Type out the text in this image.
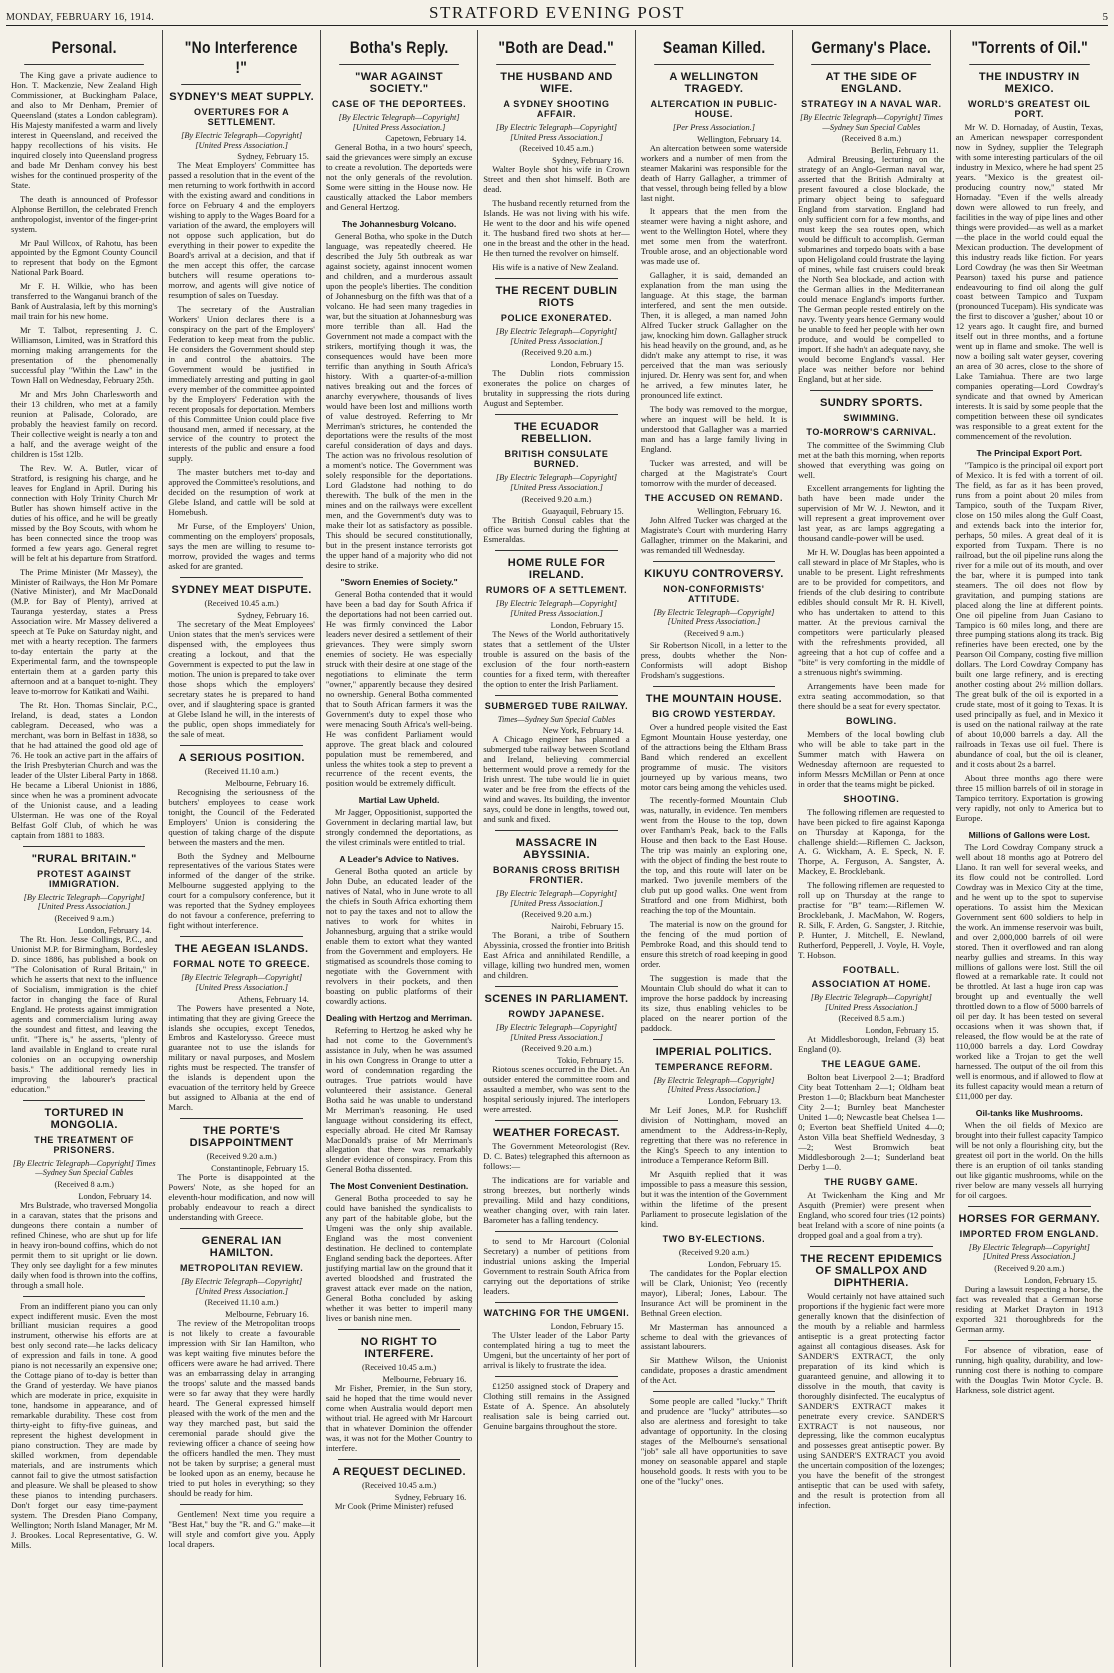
MONDAY, FEBRUARY 16, 1914.	STRATFORD EVENING POST	5
Personal.

The King gave a private audience to Hon. T. Mackenzie, New Zealand High Commissioner, at Buckingham Palace, and also to Mr Denham, Premier of Queensland (states a London cablegram). His Majesty manifested a warm and lively interest in Queensland, and received the happy recollections of his visits. He inquired closely into Queensland progress and bade Mr Denham convey his best wishes for the continued prosperity of the State.

The death is announced of Professor Alphonse Bertillon, the celebrated French anthropologist, inventor of the finger-print system.

Mr Paul Willcox, of Rahotu, has been appointed by the Egmont County Council to represent that body on the Egmont National Park Board.

Mr F. H. Wilkie, who has been transferred to the Wanganui branch of the Bank of Australasia, left by this morning's mail train for his new home.

Mr T. Talbot, representing J. C. Williamson, Limited, was in Stratford this morning making arrangements for the presentation of the phenomenally successful play "Within the Law" in the Town Hall on Wednesday, February 25th.

Mr and Mrs John Charlesworth and their 13 children, who met at a family reunion at Palisade, Colorado, are probably the heaviest family on record. Their collective weight is nearly a ton and a half, and the average weight of the children is 15st 12lb.

The Rev. W. A. Butler, vicar of Stratford, is resigning his charge, and he leaves for England in April. During his connection with Holy Trinity Church Mr Butler has shown himself active in the duties of his office, and he will be greatly missed by the Boy Scouts, with whom he has been connected since the troop was formed a few years ago. General regret will be felt at his departure from Stratford.

The Prime Minister (Mr Massey), the Minister of Railways, the Hon Mr Pomare (Native Minister), and Mr MacDonald (M.P. for Bay of Plenty), arrived at Tauranga yesterday, states a Press Association wire. Mr Massey delivered a speech at Te Puke on Saturday night, and met with a hearty reception. The farmers to-day entertain the party at the Experimental farm, and the townspeople entertain them at a garden party this afternoon and at a banquet to-night. They leave to-morrow for Katikati and Waihi.

The Rt. Hon. Thomas Sinclair, P.C., Ireland, is dead, states a London cablegram. Deceased, who was a merchant, was born in Belfast in 1838, so that he had attained the good old age of 76. He took an active part in the affairs of the Irish Presbyterian Church and was the leader of the Ulster Liberal Party in 1868. He became a Liberal Unionist in 1886, since when he was a prominent advocate of the Unionist cause, and a leading Ulsterman. He was one of the Royal Belfast Golf Club, of which he was captain from 1881 to 1883.

"RURAL BRITAIN."
PROTEST AGAINST IMMIGRATION.
[By Electric Telegraph—Copyright] [United Press Association.]
(Received 9 a.m.)
London, February 14.

The Rt. Hon. Jesse Collings, P.C., and Unionist M.P. for Birmingham, Bordesley D. since 1886, has published a book on "The Colonisation of Rural Britain," in which he asserts that next to the influence of Socialism, immigration is the chief factor in changing the face of Rural England. He protests against immigration agents and commercialism luring away the soundest and fittest, and leaving the unfit. "There is," he asserts, "plenty of land available in England to create rural colonies on an occupying ownership basis." The additional remedy lies in improving the labourer's practical education."

TORTURED IN MONGOLIA.
THE TREATMENT OF PRISONERS.
[By Electric Telegraph—Copyright] Times—Sydney Sun Special Cables
(Received 8 a.m.)
London, February 14.

Mrs Bulstrade, who traversed Mongolia in a caravan, states that the prisons and dungeons there contain a number of refined Chinese, who are shut up for life in heavy iron-bound coffins, which do not permit them to sit upright or lie down. They only see daylight for a few minutes daily when food is thrown into the coffins, through a small hole.

From an indifferent piano you can only expect indifferent music. Even the most brilliant musician requires a good instrument, otherwise his efforts are at best only second rate—he lacks delicacy of expression and fails in tone. A good piano is not necessarily an expensive one; the Cottage piano of to-day is better than the Grand of yesterday. We have pianos which are moderate in price, exquisite in tone, handsome in appearance, and of remarkable durability. These cost from thirty-eight to fifty-five guineas, and represent the highest development in piano construction. They are made by skilled workmen, from dependable materials, and are instruments which cannot fail to give the utmost satisfaction and pleasure. We shall be pleased to show these pianos to intending purchasers. Don't forget our easy time-payment system. The Dresden Piano Company, Wellington; North Island Manager, Mr M. J. Brookes. Local Representative, G. W. Mills.

"No Interference !"
SYDNEY'S MEAT SUPPLY.
OVERTURES FOR A SETTLEMENT.
[By Electric Telegraph—Copyright] [United Press Association.]
Sydney, February 15.

The Meat Employers' Committee has passed a resolution that in the event of the men returning to work forthwith in accord with the existing award and conditions in force on February 4 and the employers wishing to apply to the Wages Board for a variation of the award, the employers will not oppose such application, but do everything in their power to expedite the Board's arrival at a decision, and that if the men accept this offer, the carcase butchers will resume operations to-morrow, and agents will give notice of resumption of sales on Tuesday.

The secretary of the Australian Workers' Union declares there is a conspiracy on the part of the Employers' Federation to keep meat from the public. He considers the Government should step in and control the abattoirs. The Government would be justified in immediately arresting and putting in gaol every member of the committee appointed by the Employers' Federation with the recent proposals for deportation. Members of this Committee Union could place five thousand men, armed if necessary, at the service of the country to protect the interests of the public and ensure a food supply.

The master butchers met to-day and approved the Committee's resolutions, and decided on the resumption of work at Glebe Island, and cattle will be sold at Homebush.

Mr Furse, of the Employers' Union, commenting on the employers' proposals, says the men are willing to resume to-morrow, provided the wages and terms asked for are granted.

SYDNEY MEAT DISPUTE.
(Received 10.45 a.m.)
Sydney, February 16.

The secretary of the Meat Employees' Union states that the men's services were dispensed with, the employees thus creating a lockout, and that the Government is expected to put the law in motion. The union is prepared to take over those shops which the employers' secretary states he is prepared to hand over, and if slaughtering space is granted at Glebe Island he will, in the interests of the public, open shops immediately for the sale of meat.

A SERIOUS POSITION.
(Received 11.10 a.m.)
Melbourne, February 16.

Recognising the seriousness of the butchers' employees to cease work tonight, the Council of the Federated Employers' Union is considering the question of taking charge of the dispute between the masters and the men.

Both the Sydney and Melbourne representatives of the various States were informed of the danger of the strike. Melbourne suggested applying to the court for a compulsory conference, but it was reported that the Sydney employees do not favour a conference, preferring to fight without interference.

THE AEGEAN ISLANDS.
FORMAL NOTE TO GREECE.
[By Electric Telegraph—Copyright] [United Press Association.]
Athens, February 14.

The Powers have presented a Note, intimating that they are giving Greece the islands she occupies, except Tenedos, Embros and Kastelorysso. Greece must guarantee not to use the islands for military or naval purposes, and Moslem rights must be respected. The transfer of the islands is dependent upon the evacuation of the territory held by Greece but assigned to Albania at the end of March.

THE PORTE'S DISAPPOINTMENT
(Received 9.20 a.m.)
Constantinople, February 15.

The Porte is disappointed at the Powers' Note, as she hoped for an eleventh-hour modification, and now will probably endeavour to reach a direct understanding with Greece.

GENERAL IAN HAMILTON.
METROPOLITAN REVIEW.
[By Electric Telegraph—Copyright] [United Press Association.]
(Received 11.10 a.m.)
Melbourne, February 16.

The review of the Metropolitan troops is not likely to create a favourable impression with Sir Ian Hamilton, who was kept waiting five minutes before the officers were aware he had arrived. There was an embarrassing delay in arranging the troops' salute and the massed bands were so far away that they were hardly heard. The General expressed himself pleased with the work of the men and the way they marched past, but said the ceremonial parade should give the reviewing officer a chance of seeing how the officers handled the men. They must not be taken by surprise; a general must be looked upon as an enemy, because he tried to put holes in everything; so they should be ready for him.

Gentlemen! Next time you require a "Best Hat," buy the "R. and G." make—it will style and comfort give you. Apply local drapers.

Botha's Reply.
"WAR AGAINST SOCIETY."
CASE OF THE DEPORTEES.
[By Electric Telegraph—Copyright] [United Press Association.]
Capetown, February 14.

General Botha, in a two hours' speech, said the grievances were simply an excuse to create a revolution. The deporteds were not the only generals of the revolution. Some were sitting in the House now. He caustically attacked the Labor members and General Hertzog.

The Johannesburg Volcano.

General Botha, who spoke in the Dutch language, was repeatedly cheered. He described the July 5th outbreak as war against society, against innocent women and children, and a murderous assault upon the people's liberties. The condition of Johannesburg on the fifth was that of a volcano. He had seen many tragedies in war, but the situation at Johannesburg was more terrible than all. Had the Government not made a compact with the strikers, mortifying though it was, the consequences would have been more terrific than anything in South Africa's history. With a quarter-of-a-million natives breaking out and the forces of anarchy everywhere, thousands of lives would have been lost and millions worth of value destroyed. Referring to Mr Merriman's strictures, he contended the deportations were the results of the most careful consideration of days and days. The action was no frivolous resolution of a moment's notice. The Government was solely responsible for the deportations. Lord Gladstone had nothing to do therewith. The bulk of the men in the mines and on the railways were excellent men, and the Government's duty was to make their lot as satisfactory as possible. This should be secured constitutionally, but in the present instance terrorists got the upper hand of a majority who did not desire to strike.

"Sworn Enemies of Society."

General Botha contended that it would have been a bad day for South Africa if the deportations had not been carried out. He was firmly convinced the Labor leaders never desired a settlement of their grievances. They were simply sworn enemies of society. He was especially struck with their desire at one stage of the negotiations to eliminate the term "owner," apparently because they desired no ownership. General Botha commented that to South African farmers it was the Government's duty to expel those who were menacing South Africa's well-being. He was confident Parliament would approve. The great black and coloured population must be remembered, and unless the whites took a step to prevent a recurrence of the recent events, the position would be extremely difficult.

Martial Law Upheld.

Mr Jagger, Oppositionist, supported the Government in declaring martial law, but strongly condemned the deportations, as the vilest criminals were entitled to trial.

A Leader's Advice to Natives.

General Botha quoted an article by John Dube, an educated leader of the natives of Natal, who in June wrote to all the chiefs in South Africa exhorting them not to pay the taxes and not to allow the natives to work for whites in Johannesburg, arguing that a strike would enable them to extort what they wanted from the Government and employers. He stigmatised as scoundrels those coming to negotiate with the Government with revolvers in their pockets, and then boasting on public platforms of their cowardly actions.

Dealing with Hertzog and Merriman.

Referring to Hertzog he asked why he had not come to the Government's assistance in July, when he was assumed in his own Congress in Orange to utter a word of condemnation regarding the outrages. True patriots would have volunteered their assistance. General Botha said he was unable to understand Mr Merriman's reasoning. He used language without considering its effect, especially abroad. He cited Mr Ramsay MacDonald's praise of Mr Merriman's allegation that there was remarkably slender evidence of conspiracy. From this General Botha dissented.

The Most Convenient Destination.

General Botha proceeded to say he could have banished the syndicalists to any part of the habitable globe, but the Umgeni was the only ship available. England was the most convenient destination. He declined to contemplate England sending back the deportees. After justifying martial law on the ground that it averted bloodshed and frustrated the gravest attack ever made on the nation, General Botha concluded by asking whether it was better to imperil many lives or banish nine men.

NO RIGHT TO INTERFERE.
(Received 10.45 a.m.)
Melbourne, February 16.

Mr Fisher, Premier, in the Sun story, said he hoped that the time would never come when Australia would deport men without trial. He agreed with Mr Harcourt that in whatever Dominion the offender was, it was not for the Mother Country to interfere.

A REQUEST DECLINED.
(Received 10.45 a.m.)
Sydney, February 16.

Mr Cook (Prime Minister) refused

"Both are Dead."
THE HUSBAND AND WIFE.
A SYDNEY SHOOTING AFFAIR.
[By Electric Telegraph—Copyright] [United Press Association.]
(Received 10.45 a.m.)
Sydney, February 16.

Walter Boyle shot his wife in Crown Street and then shot himself. Both are dead.

The husband recently returned from the Islands. He was not living with his wife. He went to the door and his wife opened it. The husband fired two shots at her—one in the breast and the other in the head. He then turned the revolver on himself.

His wife is a native of New Zealand.

THE RECENT DUBLIN RIOTS
POLICE EXONERATED.
[By Electric Telegraph—Copyright] [United Press Association.]
(Received 9.20 a.m.)
London, February 15.

The Dublin riots commission exonerates the police on charges of brutality in suppressing the riots during August and September.

THE ECUADOR REBELLION.
BRITISH CONSULATE BURNED.
[By Electric Telegraph—Copyright] [United Press Association.]
(Received 9.20 a.m.)
Guayaquil, February 15.

The British Consul cables that the office was burned during the fighting at Esmeraldas.

HOME RULE FOR IRELAND.
RUMORS OF A SETTLEMENT.
[By Electric Telegraph—Copyright] [United Press Association.]
London, February 15.

The News of the World authoritatively states that a settlement of the Ulster trouble is assured on the basis of the exclusion of the four north-eastern counties for a fixed term, with thereafter the option to enter the Irish Parliament.

SUBMERGED TUBE RAILWAY.
Times—Sydney Sun Special Cables
New York, February 14.

A Chicago engineer has planned a submerged tube railway between Scotland and Ireland, believing commercial betterment would prove a remedy for the Irish unrest. The tube would lie in quiet water and be free from the effects of the wind and waves. Its building, the inventor says, could be done in lengths, towed out, and sunk and fixed.

MASSACRE IN ABYSSINIA.
BORANIS CROSS BRITISH FRONTIER.
[By Electric Telegraph—Copyright] [United Press Association.]
(Received 9.20 a.m.)
Nairobi, February 15.

The Borani, a tribe of Southern Abyssinia, crossed the frontier into British East Africa and annihilated Rendille, a village, killing two hundred men, women and children.

SCENES IN PARLIAMENT.
ROWDY JAPANESE.
[By Electric Telegraph—Copyright] [United Press Association.]
(Received 9.20 a.m.)
Tokio, February 15.

Riotous scenes occurred in the Diet. An outsider entered the committee room and assaulted a member, who was sent to the hospital seriously injured. The interlopers were arrested.

WEATHER FORECAST.

The Government Meteorologist (Rev. D. C. Bates) telegraphed this afternoon as follows:—

The indications are for variable and strong breezes, but northerly winds prevailing. Mild and hazy conditions, weather changing over, with rain later. Barometer has a falling tendency.

to send to Mr Harcourt (Colonial Secretary) a number of petitions from industrial unions asking the Imperial Government to restrain South Africa from carrying out the deportations of strike leaders.

WATCHING FOR THE UMGENI.
London, February 15.

The Ulster leader of the Labor Party contemplated hiring a tug to meet the Umgeni, but the uncertainty of her port of arrival is likely to frustrate the idea.

£1250 assigned stock of Drapery and Clothing still remains in the Assigned Estate of A. Spence. An absolutely realisation sale is being carried out. Genuine bargains throughout the store.

Seaman Killed.
A WELLINGTON TRAGEDY.
ALTERCATION IN PUBLIC-HOUSE.
[Per Press Association.]
Wellington, February 14.

An altercation between some waterside workers and a number of men from the steamer Makarini was responsible for the death of Harry Gallagher, a trimmer of that vessel, through being felled by a blow last night.

It appears that the men from the steamer were having a night ashore, and went to the Wellington Hotel, where they met some men from the waterfront. Trouble arose, and an objectionable word was made use of.

Gallagher, it is said, demanded an explanation from the man using the language. At this stage, the barman interfered, and sent the men outside. Then, it is alleged, a man named John Alfred Tucker struck Gallagher on the jaw, knocking him down. Gallagher struck his head heavily on the ground, and, as he didn't make any attempt to rise, it was perceived that the man was seriously injured. Dr. Henry was sent for, and when he arrived, a few minutes later, he pronounced life extinct.

The body was removed to the morgue, where an inquest will be held. It is understood that Gallagher was a married man and has a large family living in England.

Tucker was arrested, and will be charged at the Magistrate's Court tomorrow with the murder of deceased.

THE ACCUSED ON REMAND.
Wellington, February 16.

John Alfred Tucker was charged at the Magistrate's Court with murdering Harry Gallagher, trimmer on the Makarini, and was remanded till Wednesday.

KIKUYU CONTROVERSY.
NON-CONFORMISTS' ATTITUDE.
[By Electric Telegraph—Copyright] [United Press Association.]
(Received 9 a.m.)

Sir Robertson Nicoll, in a letter to the press, doubts whether the Non-Conformists will adopt Bishop Frodsham's suggestions.

THE MOUNTAIN HOUSE.
BIG CROWD YESTERDAY.

Over a hundred people visited the East Egmont Mountain House yesterday, one of the attractions being the Eltham Brass Band which rendered an excellent programme of music. The visitors journeyed up by various means, two motor cars being among the vehicles used.

The recently-formed Mountain Club was, naturally, in evidence. Ten members went from the House to the top, down over Fantham's Peak, back to the Falls House and then back to the East House. The trip was mainly an exploring one, with the object of finding the best route to the top, and this route will later on be marked. Two juvenile members of the club put up good walks. One went from Stratford and one from Midhirst, both reaching the top of the Mountain.

The material is now on the ground for the fencing of the mud portion of Pembroke Road, and this should tend to ensure this stretch of road keeping in good order.

The suggestion is made that the Mountain Club should do what it can to improve the horse paddock by increasing its size, thus enabling vehicles to be placed on the nearer portion of the paddock.

IMPERIAL POLITICS.
TEMPERANCE REFORM.
[By Electric Telegraph—Copyright] [United Press Association.]
London, February 13.

Mr Leif Jones, M.P. for Rushcliff division of Nottingham, moved an amendment to the Address-in-Reply, regretting that there was no reference in the King's Speech to any intention to introduce a Temperance Reform Bill.

Mr Asquith replied that it was impossible to pass a measure this session, but it was the intention of the Government within the lifetime of the present Parliament to prosecute legislation of the kind.

TWO BY-ELECTIONS.
(Received 9.20 a.m.)
London, February 15.

The candidates for the Poplar election will be Clark, Unionist; Yeo (recently mayor), Liberal; Jones, Labour. The Insurance Act will be prominent in the Bethnal Green election.

Mr Masterman has announced a scheme to deal with the grievances of assistant labourers.

Sir Matthew Wilson, the Unionist candidate, proposes a drastic amendment of the Act.

Some people are called "lucky." Thrift and prudence are "lucky" attributes—so also are alertness and foresight to take advantage of opportunity. In the closing stages of the Melbourne's sensational "job" sale all have opportunities to save money on seasonable apparel and staple household goods. It rests with you to be one of the "lucky" ones.

Germany's Place.
AT THE SIDE OF ENGLAND.
STRATEGY IN A NAVAL WAR.
[By Electric Telegraph—Copyright] Times—Sydney Sun Special Cables
(Received 8 a.m.)
Berlin, February 11.

Admiral Breusing, lecturing on the strategy of an Anglo-German naval war, asserted that the British Admiralty at present favoured a close blockade, the primary object being to safeguard England from starvation. England had only sufficient corn for a few months, and must keep the sea routes open, which would be difficult to accomplish. German submarines and torpedo boats with a base upon Heligoland could frustrate the laying of mines, while fast cruisers could break the North Sea blockade, and action with the German allies in the Mediterranean could menace England's imports further. The German people rested entirely on the navy. Twenty years hence Germany would be unable to feed her people with her own produce, and would be compelled to import. If she hadn't an adequate navy, she would become England's vassal. Her place was neither before nor behind England, but at her side.

SUNDRY SPORTS.
SWIMMING.
TO-MORROW'S CARNIVAL.

The committee of the Swimming Club met at the bath this morning, when reports showed that everything was going on well.

Excellent arrangements for lighting the bath have been made under the supervision of Mr W. J. Newton, and it will represent a great improvement over last year, as arc lamps aggregating a thousand candle-power will be used.

Mr H. W. Douglas has been appointed a call steward in place of Mr Staples, who is unable to be present. Light refreshments are to be provided for competitors, and friends of the club desiring to contribute edibles should consult Mr R. H. Kivell, who has undertaken to attend to this matter. At the previous carnival the competitors were particularly pleased with the refreshments provided, all agreeing that a hot cup of coffee and a "bite" is very comforting in the middle of a strenuous night's swimming.

Arrangements have been made for extra seating accommodation, so that there should be a seat for every spectator.

BOWLING.

Members of the local bowling club who will be able to take part in the Summer match with Hawera on Wednesday afternoon are requested to inform Messrs McMillan or Penn at once in order that the teams might be picked.

SHOOTING.

The following riflemen are requested to have been picked to fire against Kaponga on Thursday at Kaponga, for the challenge shield:—Riflemen C. Jackson, A. G. Wickham, A. E. Speck, N. F. Thorpe, A. Ferguson, A. Sangster, A. Mackey, E. Brocklebank.

The following riflemen are requested to roll up on Thursday at the range to practise for "B" team:—Riflemen W. Brocklebank, J. MacMahon, W. Rogers, R. Silk, F. Arden, G. Sangster, J. Ritchie, P. Hunter, J. Mitchell, E. Newland, Rutherford, Pepperell, J. Voyle, H. Voyle, T. Hobson.

FOOTBALL.
ASSOCIATION AT HOME.
[By Electric Telegraph—Copyright] [United Press Association.]
(Received 8.5 a.m.)
London, February 15.

At Middlesborough, Ireland (3) beat England (0).

THE LEAGUE GAME.

Bolton beat Liverpool 2—1; Bradford City beat Tottenham 2—1; Oldham beat Preston 1—0; Blackburn beat Manchester City 2—1; Burnley beat Manchester United 1—0; Newcastle beat Chelsea 1—0; Everton beat Sheffield United 4—0; Aston Villa beat Sheffield Wednesday, 3—2; West Bromwich beat Middlesborough 2—1; Sunderland beat Derby 1—0.

THE RUGBY GAME.

At Twickenham the King and Mr Asquith (Premier) were present when England, who scored four tries (12 points) beat Ireland with a score of nine points (a dropped goal and a goal from a try).

THE RECENT EPIDEMICS OF SMALLPOX AND DIPHTHERIA.

Would certainly not have attained such proportions if the hygienic fact were more generally known that the disinfection of the mouth by a reliable and harmless antiseptic is a great protecting factor against all contagious diseases. Ask for SANDER'S EXTRACT, the only preparation of its kind which is guaranteed genuine, and allowing it to dissolve in the mouth, that cavity is thoroughly disinfected. The eucalyptus of SANDER'S EXTRACT makes it penetrate every crevice. SANDER'S EXTRACT is not nauseous, nor depressing, like the common eucalyptus and possesses great antiseptic power. By using SANDER'S EXTRACT you avoid the uncertain composition of the lozenges; you have the benefit of the strongest antiseptic that can be used with safety, and the result is protection from all infection.

"Torrents of Oil."
THE INDUSTRY IN MEXICO.
WORLD'S GREATEST OIL PORT.

Mr W. D. Hornaday, of Austin, Texas, an American newspaper correspondent now in Sydney, supplier the Telegraph with some interesting particulars of the oil industry in Mexico, where he had spent 25 years. "Mexico is the greatest oil-producing country now," stated Mr Hornaday. "Even if the wells already down were allowed to run freely, and facilities in the way of pipe lines and other things were provided—as well as a market—the place in the world could equal the Mexican production. The development of this industry reads like fiction. For years Lord Cowdray (he was then Sir Weetman Pearson) taxed his purse and patience endeavouring to find oil along the gulf coast between Tampico and Tuxpam (pronounced Tucepam). His syndicate was the first to discover a 'gusher,' about 10 or 12 years ago. It caught fire, and burned itself out in three months, and a fortune went up in flame and smoke. The well is now a boiling salt water geyser, covering an area of 30 acres, close to the shore of Lake Tamiahua. There are two large companies operating—Lord Cowdray's syndicate and that owned by American interests. It is said by some people that the competition between these oil syndicates was responsible to a great extent for the commencement of the revolution.

The Principal Export Port.

"Tampico is the principal oil export port of Mexico. It is fed with a torrent of oil. The field, as far as it has been proved, runs from a point about 20 miles from Tampico, south of the Tuxpam River, close on 150 miles along the Gulf Coast, and extends back into the interior for, perhaps, 50 miles. A great deal of it is exported from Tuxpam. There is no railroad, but the oil pipeline runs along the river for a mile out of its mouth, and over the bar, where it is pumped into tank steamers. The oil does not flow by gravitation, and pumping stations are placed along the line at different points. One oil pipeline from Juan Casiano to Tampico is 60 miles long, and there are three pumping stations along its track. Big refineries have been erected, one by the Pearson Oil Company, costing five million dollars. The Lord Cowdray Company has built one large refinery, and is erecting another costing about 2½ million dollars. The great bulk of the oil is exported in a crude state, most of it going to Texas. It is used principally as fuel, and in Mexico it is used on the national railway at the rate of about 10,000 barrels a day. All the railroads in Texas use oil fuel. There is abundance of coal, but the oil is cleaner, and it costs about 2s a barrel.

About three months ago there were three 15 million barrels of oil in storage in Tampico territory. Exportation is growing very rapidly, not only to America but to Europe.

Millions of Gallons were Lost.

The Lord Cowdray Company struck a well about 18 months ago at Potrero del Llano. It ran well for several weeks, and its flow could not be controlled. Lord Cowdray was in Mexico City at the time, and he went up to the spot to supervise operations. To assist him the Mexican Government sent 600 soldiers to help in the work. An immense reservoir was built, and over 2,000,000 barrels of oil were stored. Then it overflowed and ran along nearby gullies and streams. In this way millions of gallons were lost. Still the oil flowed at a remarkable rate. It could not be throttled. At last a huge iron cap was brought up and eventually the well throttled down to a flow of 5000 barrels of oil per day. It has been tested on several occasions when it was shown that, if released, the flow would be at the rate of 110,000 barrels a day. Lord Cowdray worked like a Trojan to get the well harnessed. The output of the oil from this well is enormous, and if allowed to flow at its fullest capacity would mean a return of £11,000 per day.

Oil-tanks like Mushrooms.

When the oil fields of Mexico are brought into their fullest capacity Tampico will be not only a flourishing city, but the greatest oil port in the world. On the hills there is an eruption of oil tanks standing out like gigantic mushrooms, while on the river below are many vessels all hurrying for oil cargoes.

HORSES FOR GERMANY.
IMPORTED FROM ENGLAND.
[By Electric Telegraph—Copyright] [United Press Association.]
(Received 9.20 a.m.)
London, February 15.

During a lawsuit respecting a horse, the fact was revealed that a German horse residing at Market Drayton in 1913 exported 321 thoroughbreds for the German army.

For absence of vibration, ease of running, high quality, durability, and low-running cost there is nothing to compare with the Douglas Twin Motor Cycle. B. Harkness, sole district agent.
